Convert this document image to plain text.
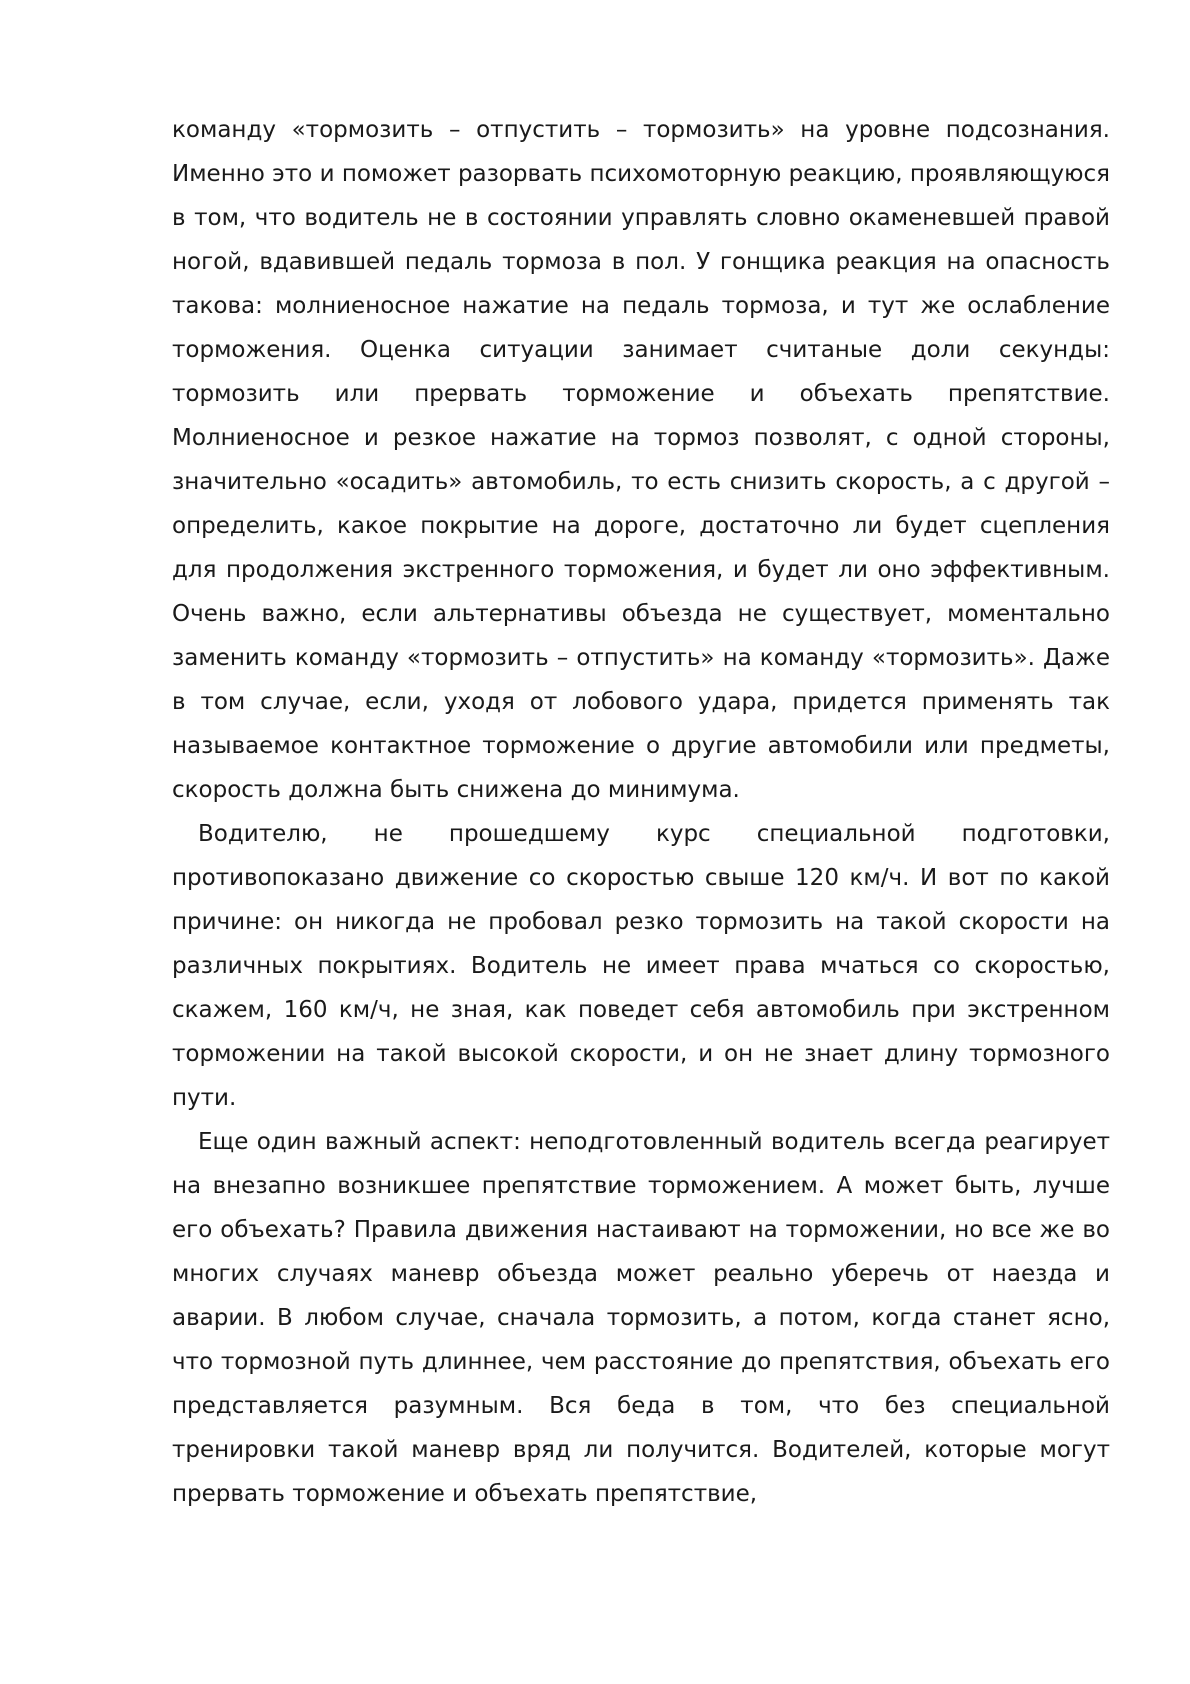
команду «тормозить – отпустить – тормозить» на уровне подсознания. Именно это и поможет разорвать психомоторную реакцию, проявляющуюся в том, что водитель не в состоянии управлять словно окаменевшей правой ногой, вдавившей педаль тормоза в пол. У гонщика реакция на опасность такова: молниеносное нажатие на педаль тормоза, и тут же ослабление торможения. Оценка ситуации занимает считаные доли секунды: тормозить или прервать торможение и объехать препятствие. Молниеносное и резкое нажатие на тормоз позволят, с одной стороны, значительно «осадить» автомобиль, то есть снизить скорость, а с другой – определить, какое покрытие на дороге, достаточно ли будет сцепления для продолжения экстренного торможения, и будет ли оно эффективным. Очень важно, если альтернативы объезда не существует, моментально заменить команду «тормозить – отпустить» на команду «тормозить». Даже в том случае, если, уходя от лобового удара, придется применять так называемое контактное торможение о другие автомобили или предметы, скорость должна быть снижена до минимума.

Водителю, не прошедшему курс специальной подготовки, противопоказано движение со скоростью свыше 120 км/ч. И вот по какой причине: он никогда не пробовал резко тормозить на такой скорости на различных покрытиях. Водитель не имеет права мчаться со скоростью, скажем, 160 км/ч, не зная, как поведет себя автомобиль при экстренном торможении на такой высокой скорости, и он не знает длину тормозного пути.

Еще один важный аспект: неподготовленный водитель всегда реагирует на внезапно возникшее препятствие торможением. А может быть, лучше его объехать? Правила движения настаивают на торможении, но все же во многих случаях маневр объезда может реально уберечь от наезда и аварии. В любом случае, сначала тормозить, а потом, когда станет ясно, что тормозной путь длиннее, чем расстояние до препятствия, объехать его представляется разумным. Вся беда в том, что без специальной тренировки такой маневр вряд ли получится. Водителей, которые могут прервать торможение и объехать препятствие,
